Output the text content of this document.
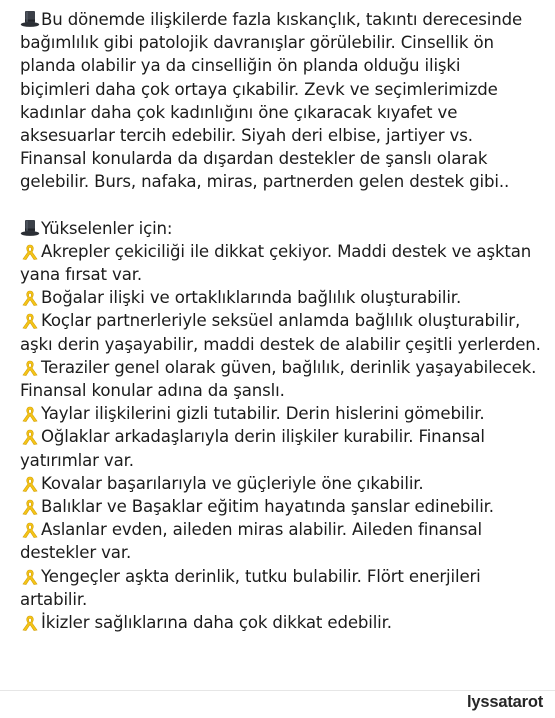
Bu dönemde ilişkilerde fazla kıskançlık, takıntı derecesinde
bağımlılık gibi patolojik davranışlar görülebilir. Cinsellik ön
planda olabilir ya da cinselliğin ön planda olduğu ilişki
biçimleri daha çok ortaya çıkabilir. Zevk ve seçimlerimizde
kadınlar daha çok kadınlığını öne çıkaracak kıyafet ve
aksesuarlar tercih edebilir. Siyah deri elbise, jartiyer vs.
Finansal konularda da dışardan destekler de şanslı olarak
gelebilir. Burs, nafaka, miras, partnerden gelen destek gibi..

Yükselenler için:

Akrepler çekiciliği ile dikkat çekiyor. Maddi destek ve aşktan
yana fırsat var.

Boğalar ilişki ve ortaklıklarında bağlılık oluşturabilir.

Koçlar partnerleriyle seksüel anlamda bağlılık oluşturabilir,
aşkı derin yaşayabilir, maddi destek de alabilir çeşitli yerlerden.

Teraziler genel olarak güven, bağlılık, derinlik yaşayabilecek.
Finansal konular adına da şanslı.

Yaylar ilişkilerini gizli tutabilir. Derin hislerini gömebilir.

Oğlaklar arkadaşlarıyla derin ilişkiler kurabilir. Finansal
yatırımlar var.

Kovalar başarılarıyla ve güçleriyle öne çıkabilir.

Balıklar ve Başaklar eğitim hayatında şanslar edinebilir.

Aslanlar evden, aileden miras alabilir. Aileden finansal
destekler var.

Yengeçler aşkta derinlik, tutku bulabilir. Flört enerjileri
artabilir.

İkizler sağlıklarına daha çok dikkat edebilir.

lyssatarot
